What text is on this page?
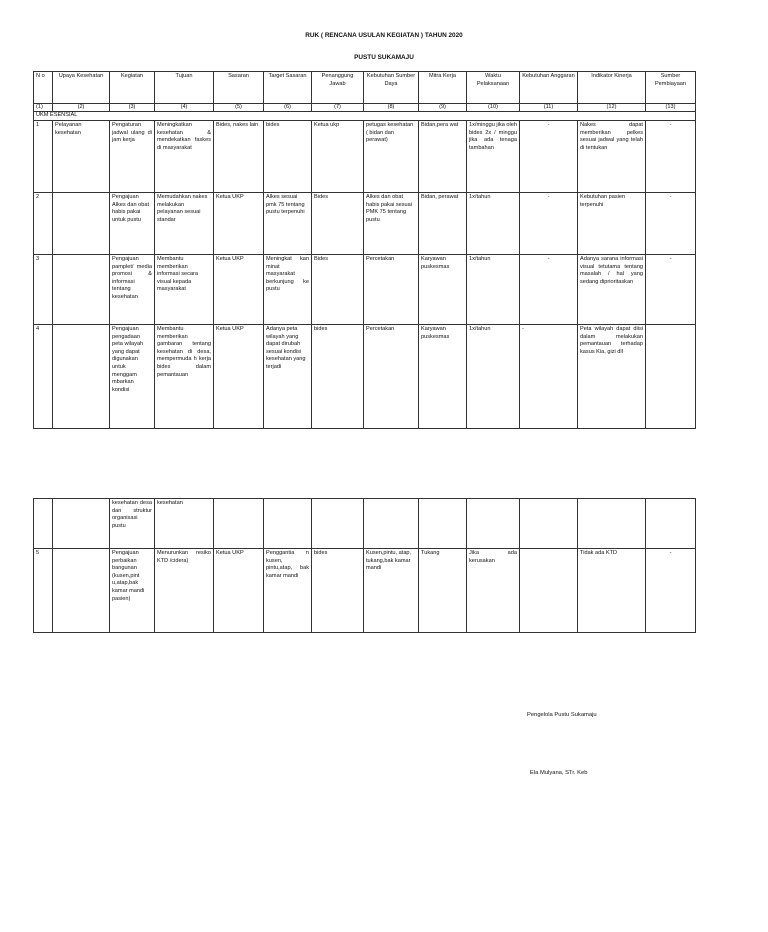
RUK ( RENCANA USULAN KEGIATAN ) TAHUN 2020
PUSTU SUKAMAJU
N o	Upaya Kesehatan	Kegiatan	Tujuan	Sasaran	Target Sasaran	Penanggung Jawab	Kebutuhan Sumber Daya	Mitra Kerja	Waktu Pelaksanaan	Kebutuhan Anggaran	Indikator Kinerja	Sumber Pembiayaan
(1)	(2)	(3)	(4)	(5)	(6)	(7)	(8)	(9)	(10)	(11)	(12)	(13)
UKM ESENSIAL												
1	Pelayanan kesehatan	Pengaturan jadwal ulang di jam kerja	Meningkatkan kesehatan & mendekatkan faskes di masyarakat	Bides, nakes lain	bides	Ketua ukp	petugas kesehatan ( bidan dan perawat)	Bidan,pera wat	1x/minggu jika oleh bides 2x / minggu jika ada tenaga tambahan	-	Nakes dapat memberikan pelkes sesuai jadwal yang telah di tentukan	-
2		Pengajuan Alkes dan obat habis pakai untuk pustu	Memudahkan nakes melakukan pelayanan sesuai standar	Ketua UKP	Alkes sesuai pmk 75 tentang pustu terpenuhi	Bides	Alkes dan obat habis pakai sesuai PMK 75 tentang pustu	Bidan, perawat	1x/tahun	-	Kebutuhan pasien terpenuhi	-
3		Pengajuan pamplet/ media promosi & informasi tentang kesehatan	Membantu memberikan informasi secara visual kepada masyarakat	Ketua UKP	Meningkat kan minat masyarakat berkunjung ke pustu	Bides	Percetakan	Karyawan puskesmas	1x/tahun	-	Adanya sarana informasi visual tetutama tentang masalah / hal yang sedang diprioritaskan	-
4		Pengajuan pengadaan peta wilayah yang dapat digunakan untuk menggam mbarkan kondisi	Membantu memberikan gambaran tentang kesehatan di desa, mempermuda h kerja bides dalam pemantauan	Ketua UKP	Adanya peta wilayah yang dapat dirubah sesuai kondisi kesehatan yang terjadi	bides	Percetakan	Karyawan puskesmas	1x/tahun	-	Peta wilayah dapat diisi dalam melakukan pemantauan terhadap kasus Kia, gizi dll	
		kesehatan desa dan struktur organisasi pustu	kesehatan									
5		Pengajuan perbaikan bangunan (kusen,pint u,atap,bak kamar mandi pasien)	Menurunkan resiko KTD /cidera)	Ketua UKP	Penggantia n kusen, pintu,atap, bak kamar mandi	bides	Kusen,pintu, atap, tukang,bak kamar mandi	Tukang	Jika ada kerusakan		Tidak ada KTD	-
Pengelola Pustu Sukamaju
Ela Mulyana, STr. Keb
